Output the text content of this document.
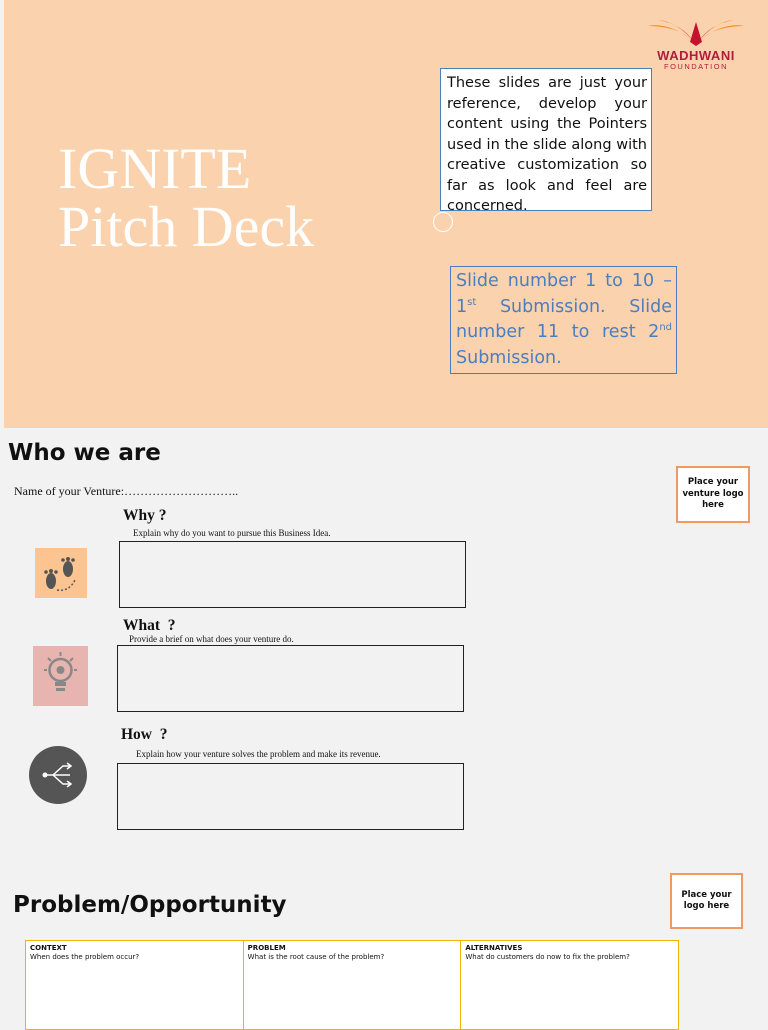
WADHWANI
FOUNDATION
IGNITE
Pitch Deck
These slides are just your reference, develop your content using the Pointers used in the slide along with creative customization so far as look and feel are concerned.
Slide number 1 to 10 – 1st Submission. Slide number 11 to rest 2nd Submission.
Who we are
Place your venture logo here
Name of your Venture:………………………..
Why ?
Explain why do you want to pursue this Business Idea.
What  ?
Provide a brief on what does your venture do.
How  ?
Explain how your venture solves the problem and make its revenue.
Place your logo here
Problem/Opportunity
CONTEXT
When does the problem occur?
PROBLEM
What is the root cause of the problem?
ALTERNATIVES
What do customers do now to fix the problem?
